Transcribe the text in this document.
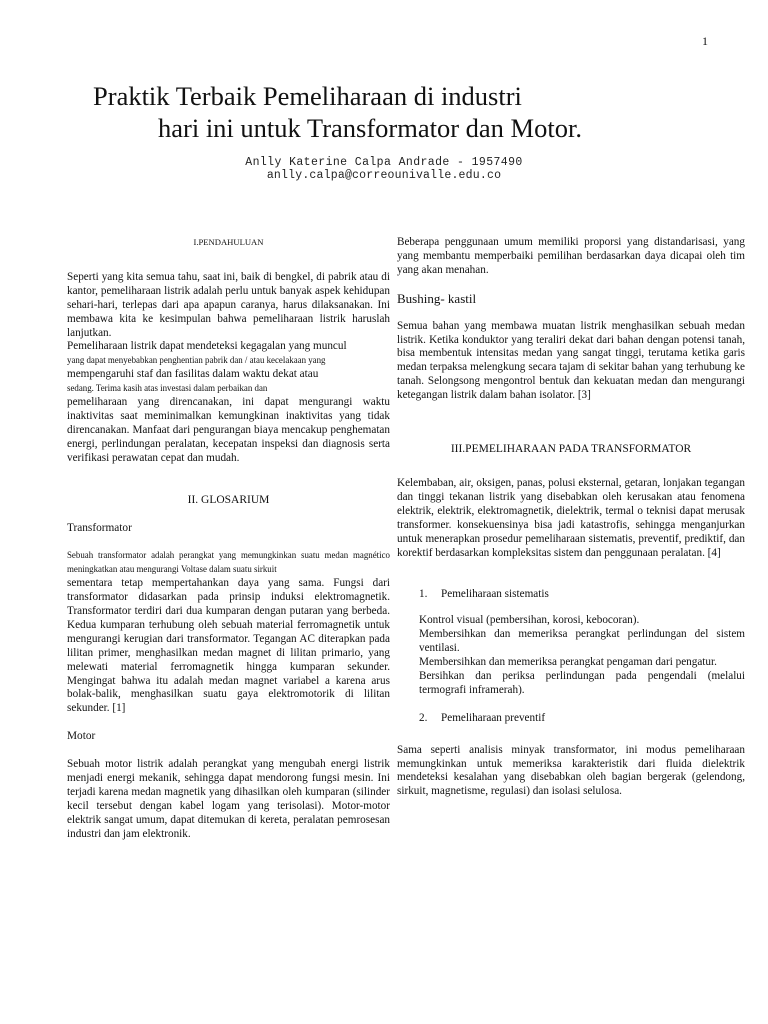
1
Praktik Terbaik Pemeliharaan di industri
hari ini untuk Transformator dan Motor.
Anlly Katerine Calpa Andrade - 1957490
anlly.calpa@correounivalle.edu.co
I.PENDAHULUAN

Seperti yang kita semua tahu, saat ini, baik di bengkel, di pabrik atau di kantor, pemeliharaan listrik adalah perlu untuk banyak aspek kehidupan sehari-hari, terlepas dari apa apapun caranya, harus dilaksanakan. Ini membawa kita ke kesimpulan bahwa pemeliharaan listrik haruslah lanjutkan.

Pemeliharaan listrik dapat mendeteksi kegagalan yang muncul

yang dapat menyebabkan penghentian pabrik dan / atau kecelakaan yang

mempengaruhi staf dan fasilitas dalam waktu dekat atau

sedang. Terima kasih atas investasi dalam perbaikan dan

pemeliharaan yang direncanakan, ini dapat mengurangi waktu inaktivitas saat meminimalkan kemungkinan inaktivitas yang tidak direncanakan. Manfaat dari pengurangan biaya mencakup penghematan energi, perlindungan peralatan, kecepatan inspeksi dan diagnosis serta verifikasi perawatan cepat dan mudah.

II. GLOSARIUM
Transformator

Sebuah transformator adalah perangkat yang memungkinkan suatu medan magnético meningkatkan atau mengurangi Voltase dalam suatu sirkuit

sementara tetap mempertahankan daya yang sama. Fungsi dari transformator didasarkan pada prinsip induksi elektromagnetik. Transformator terdiri dari dua kumparan dengan putaran yang berbeda. Kedua kumparan terhubung oleh sebuah material ferromagnetik untuk mengurangi kerugian dari transformator. Tegangan AC diterapkan pada lilitan primer, menghasilkan medan magnet di lilitan primario, yang melewati material ferromagnetik hingga kumparan sekunder. Mengingat bahwa itu adalah medan magnet variabel a karena arus bolak-balik, menghasilkan suatu gaya elektromotorik di lilitan sekunder. [1]

Motor

Sebuah motor listrik adalah perangkat yang mengubah energi listrik menjadi energi mekanik, sehingga dapat mendorong fungsi mesin. Ini terjadi karena medan magnetik yang dihasilkan oleh kumparan (silinder kecil tersebut dengan kabel logam yang terisolasi). Motor-motor elektrik sangat umum, dapat ditemukan di kereta, peralatan pemrosesan industri dan jam elektronik.

Beberapa penggunaan umum memiliki proporsi yang distandarisasi, yang yang membantu memperbaiki pemilihan berdasarkan daya dicapai oleh tim yang akan menahan.

Bushing- kastil

Semua bahan yang membawa muatan listrik menghasilkan sebuah medan listrik. Ketika konduktor yang teraliri dekat dari bahan dengan potensi tanah, bisa membentuk intensitas medan yang sangat tinggi, terutama ketika garis medan terpaksa melengkung secara tajam di sekitar bahan yang terhubung ke tanah. Selongsong mengontrol bentuk dan kekuatan medan dan mengurangi ketegangan listrik dalam bahan isolator. [3]

III.PEMELIHARAAN PADA TRANSFORMATOR

Kelembaban, air, oksigen, panas, polusi eksternal, getaran, lonjakan tegangan dan tinggi tekanan listrik yang disebabkan oleh kerusakan atau fenomena elektrik, elektrik, elektromagnetik, dielektrik, termal o teknisi dapat merusak transformer. konsekuensinya bisa jadi katastrofis, sehingga menganjurkan untuk menerapkan prosedur pemeliharaan sistematis, preventif, prediktif, dan korektif berdasarkan kompleksitas sistem dan penggunaan peralatan. [4]

1. Pemeliharaan sistematis
Kontrol visual (pembersihan, korosi, kebocoran).
Membersihkan dan memeriksa perangkat perlindungan del sistem ventilasi.
Membersihkan dan memeriksa perangkat pengaman dari pengatur.
Bersihkan dan periksa perlindungan pada pengendali (melalui termografi inframerah).
2. Pemeliharaan preventif

Sama seperti analisis minyak transformator, ini modus pemeliharaan memungkinkan untuk memeriksa karakteristik dari fluida dielektrik mendeteksi kesalahan yang disebabkan oleh bagian bergerak (gelendong, sirkuit, magnetisme, regulasi) dan isolasi selulosa.
